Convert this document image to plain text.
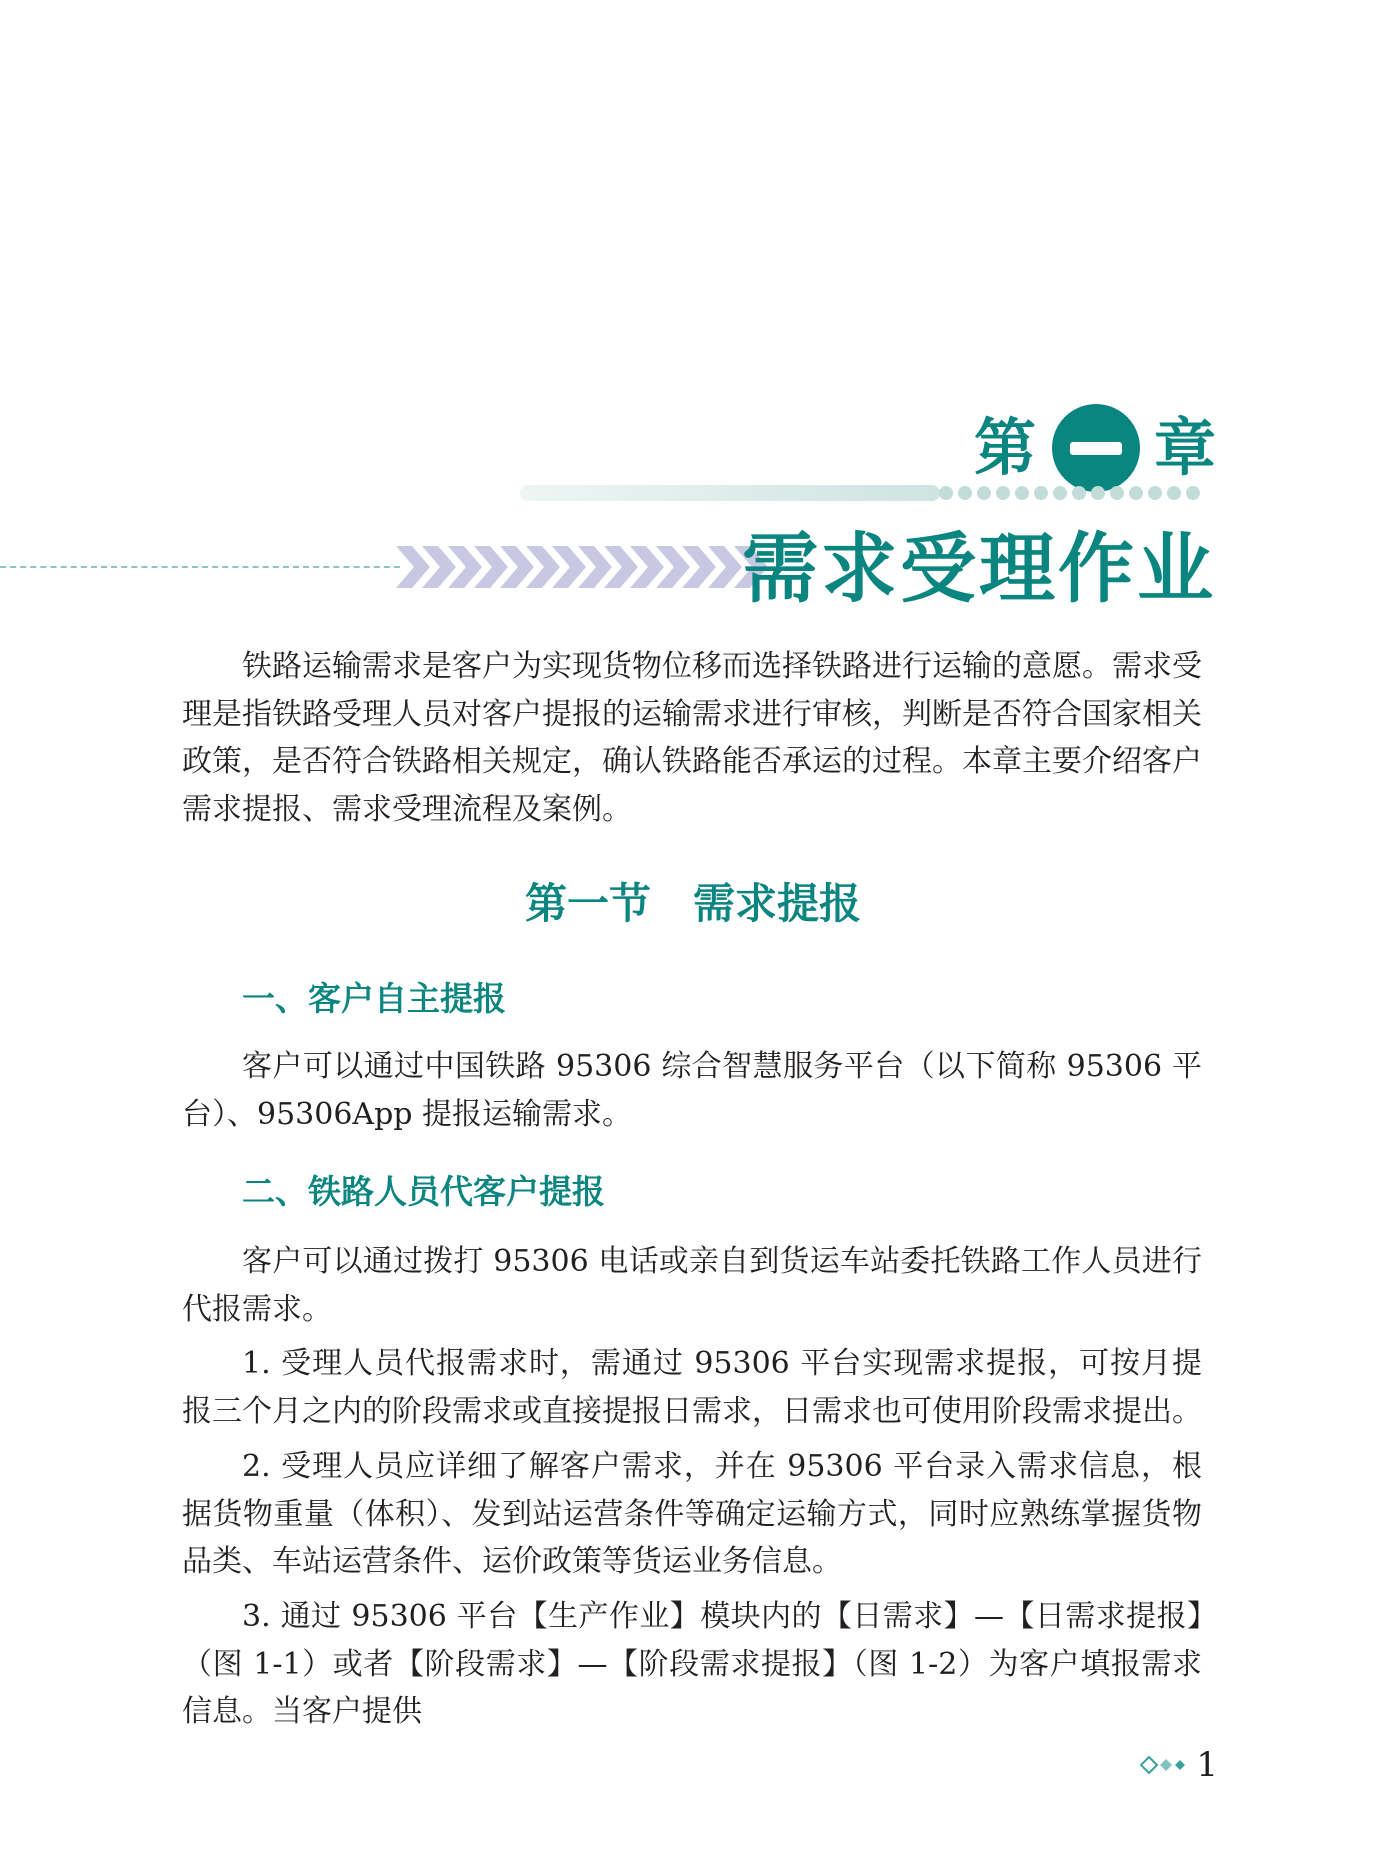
第 章
需求受理作业

铁路运输需求是客户为实现货物位移而选择铁路进行运输的意愿。需求受理是指铁路受理人员对客户提报的运输需求进行审核，判断是否符合国家相关政策，是否符合铁路相关规定，确认铁路能否承运的过程。本章主要介绍客户需求提报、需求受理流程及案例。

第一节　需求提报
一、客户自主提报

客户可以通过中国铁路 95306 综合智慧服务平台（以下简称 95306 平台）、95306App 提报运输需求。

二、铁路人员代客户提报

客户可以通过拨打 95306 电话或亲自到货运车站委托铁路工作人员进行代报需求。

1. 受理人员代报需求时，需通过 95306 平台实现需求提报，可按月提报三个月之内的阶段需求或直接提报日需求，日需求也可使用阶段需求提出。

2. 受理人员应详细了解客户需求，并在 95306 平台录入需求信息，根据货物重量（体积）、发到站运营条件等确定运输方式，同时应熟练掌握货物品类、车站运营条件、运价政策等货运业务信息。

3. 通过 95306 平台【生产作业】模块内的【日需求】—【日需求提报】（图 1-1）或者【阶段需求】—【阶段需求提报】（图 1-2）为客户填报需求信息。当客户提供

1
